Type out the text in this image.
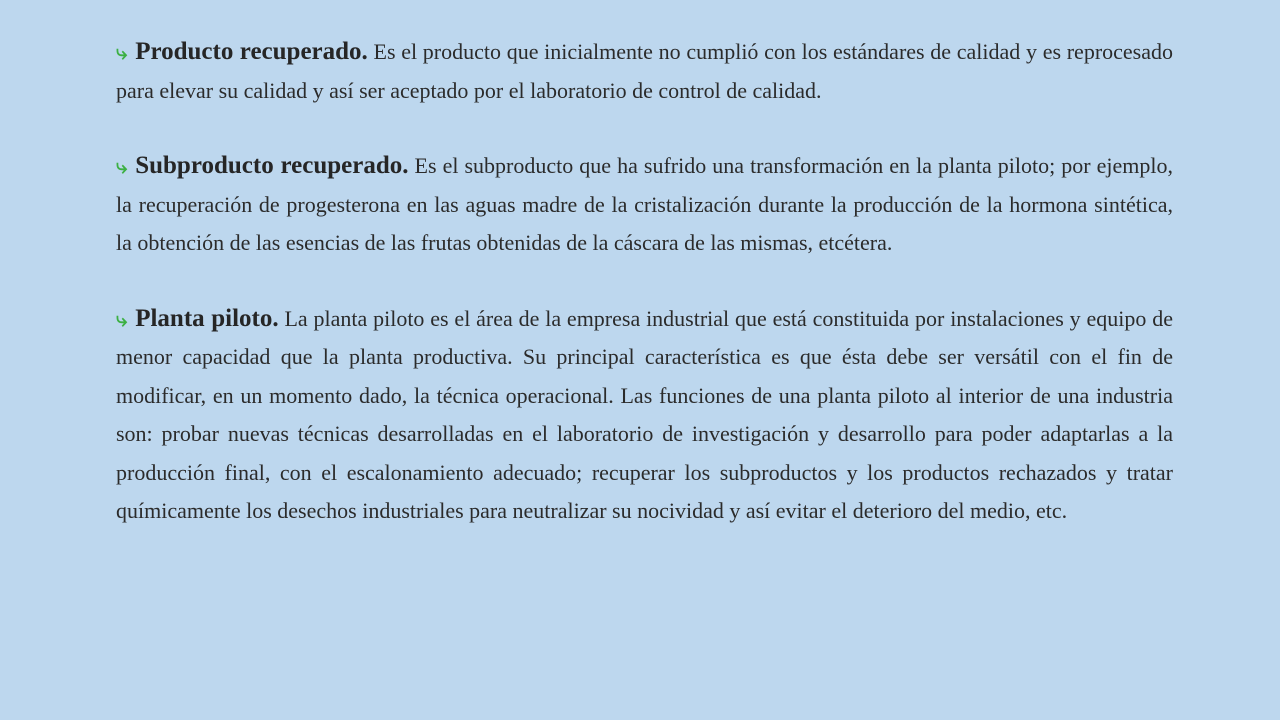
⤷ Producto recuperado. Es el producto que inicialmente no cumplió con los estándares de calidad y es reprocesado para elevar su calidad y así ser aceptado por el laboratorio de control de calidad.

⤷ Subproducto recuperado. Es el subproducto que ha sufrido una transformación en la planta piloto; por ejemplo, la recuperación de progesterona en las aguas madre de la cristalización durante la producción de la hormona sintética, la obtención de las esencias de las frutas obtenidas de la cáscara de las mismas, etcétera.

⤷ Planta piloto. La planta piloto es el área de la empresa industrial que está constituida por instalaciones y equipo de menor capacidad que la planta productiva. Su principal característica es que ésta debe ser versátil con el fin de modificar, en un momento dado, la técnica operacional. Las funciones de una planta piloto al interior de una industria son: probar nuevas técnicas desarrolladas en el laboratorio de investigación y desarrollo para poder adaptarlas a la producción final, con el escalonamiento adecuado; recuperar los subproductos y los productos rechazados y tratar químicamente los desechos industriales para neutralizar su nocividad y así evitar el deterioro del medio, etc.
